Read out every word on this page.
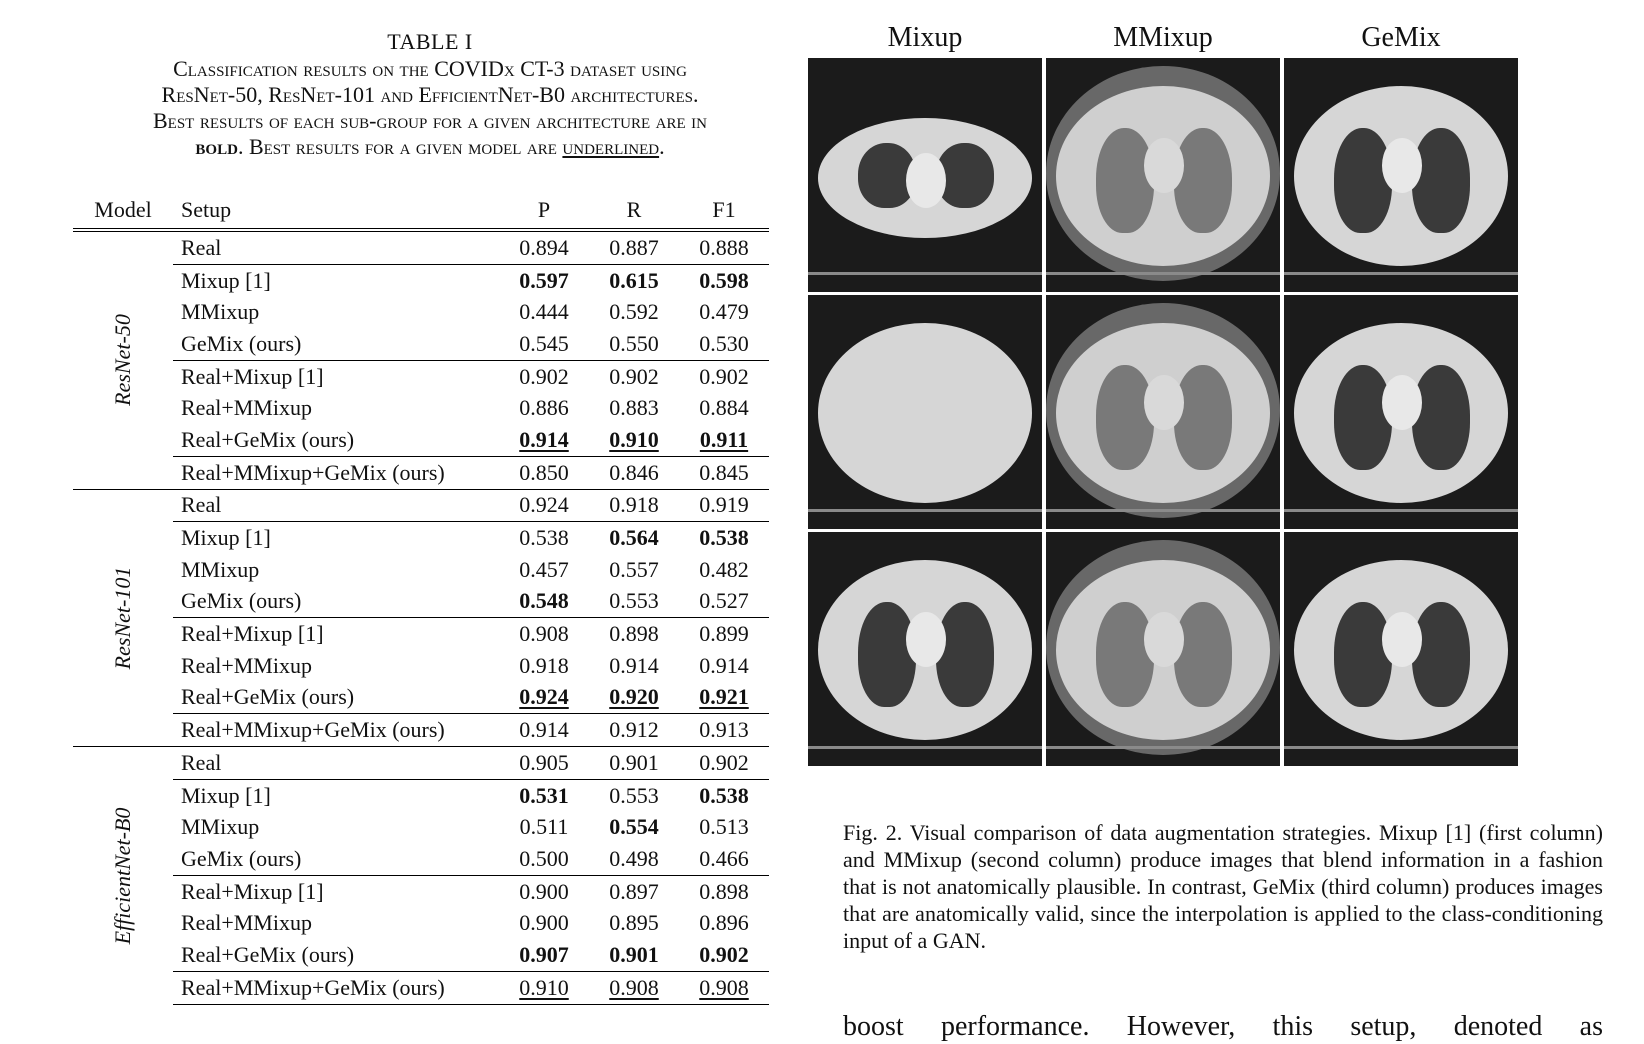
TABLE I
Classification results on the COVIDx CT-3 dataset using
ResNet-50, ResNet-101 and EfficientNet-B0 architectures.
Best results of each sub-group for a given architecture are in
bold. Best results for a given model are underlined.
Model	Setup	P	R	F1

ResNet-50	Real	0.894	0.887	0.888
	Mixup [1]	0.597	0.615	0.598
	MMixup	0.444	0.592	0.479
	GeMix (ours)	0.545	0.550	0.530
	Real+Mixup [1]	0.902	0.902	0.902
	Real+MMixup	0.886	0.883	0.884
	Real+GeMix (ours)	0.914	0.910	0.911
	Real+MMixup+GeMix (ours)	0.850	0.846	0.845

ResNet-101	Real	0.924	0.918	0.919
	Mixup [1]	0.538	0.564	0.538
	MMixup	0.457	0.557	0.482
	GeMix (ours)	0.548	0.553	0.527
	Real+Mixup [1]	0.908	0.898	0.899
	Real+MMixup	0.918	0.914	0.914
	Real+GeMix (ours)	0.924	0.920	0.921
	Real+MMixup+GeMix (ours)	0.914	0.912	0.913

EfficientNet-B0	Real	0.905	0.901	0.902
	Mixup [1]	0.531	0.553	0.538
	MMixup	0.511	0.554	0.513
	GeMix (ours)	0.500	0.498	0.466
	Real+Mixup [1]	0.900	0.897	0.898
	Real+MMixup	0.900	0.895	0.896
	Real+GeMix (ours)	0.907	0.901	0.902
	Real+MMixup+GeMix (ours)	0.910	0.908	0.908
Mixup	MMixup	GeMix
Fig. 2. Visual comparison of data augmentation strategies. Mixup [1] (first column) and MMixup (second column) produce images that blend information in a fashion that is not anatomically plausible. In contrast, GeMix (third column) produces images that are anatomically valid, since the interpolation is applied to the class-conditioning input of a GAN.
boost performance. However, this setup, denoted as
